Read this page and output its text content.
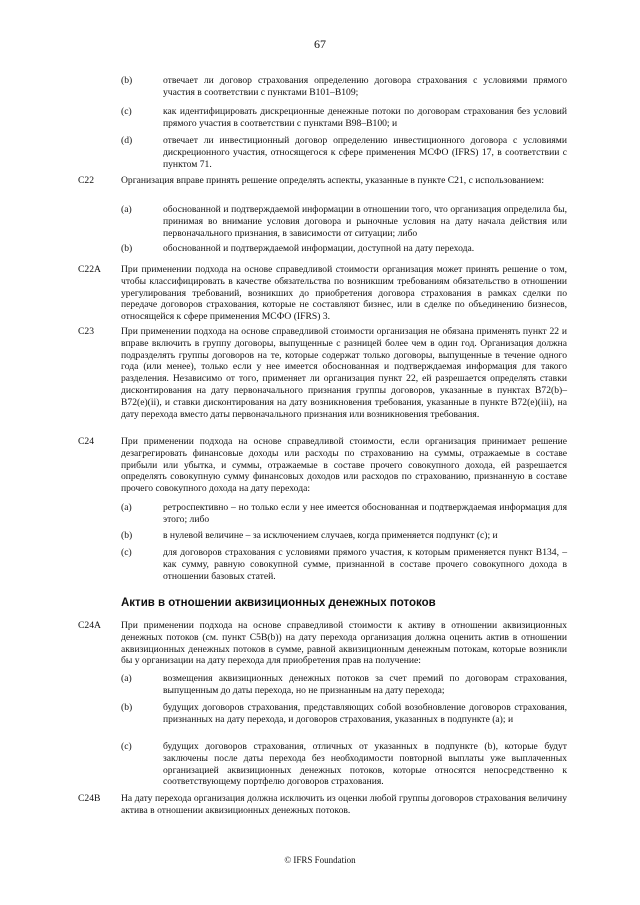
67
(b)	отвечает ли договор страхования определению договора страхования с условиями прямого участия в соответствии с пунктами B101–B109;
(c)	как идентифицировать дискреционные денежные потоки по договорам страхования без условий прямого участия в соответствии с пунктами B98–B100; и
(d)	отвечает ли инвестиционный договор определению инвестиционного договора с условиями дискреционного участия, относящегося к сфере применения МСФО (IFRS) 17, в соответствии с пунктом 71.
C22	Организация вправе принять решение определять аспекты, указанные в пункте C21, с использованием:
(a)	обоснованной и подтверждаемой информации в отношении того, что организация определила бы, принимая во внимание условия договора и рыночные условия на дату начала действия или первоначального признания, в зависимости от ситуации; либо
(b)	обоснованной и подтверждаемой информации, доступной на дату перехода.
C22A При применении подхода на основе справедливой стоимости организация может принять решение о том, чтобы классифицировать в качестве обязательства по возникшим требованиям обязательство в отношении урегулирования требований, возникших до приобретения договора страхования в рамках сделки по передаче договоров страхования, которые не составляют бизнес, или в сделке по объединению бизнесов, относящейся к сфере применения МСФО (IFRS) 3.
C23	При применении подхода на основе справедливой стоимости организация не обязана применять пункт 22 и вправе включить в группу договоры, выпущенные с разницей более чем в один год. Организация должна подразделять группы договоров на те, которые содержат только договоры, выпущенные в течение одного года (или менее), только если у нее имеется обоснованная и подтверждаемая информация для такого разделения. Независимо от того, применяет ли организация пункт 22, ей разрешается определять ставки дисконтирования на дату первоначального признания группы договоров, указанные в пунктах B72(b)–B72(e)(ii), и ставки дисконтирования на дату возникновения требования, указанные в пункте B72(e)(iii), на дату перехода вместо даты первоначального признания или возникновения требования.
C24	При применении подхода на основе справедливой стоимости, если организация принимает решение дезагрегировать финансовые доходы или расходы по страхованию на суммы, отражаемые в составе прибыли или убытка, и суммы, отражаемые в составе прочего совокупного дохода, ей разрешается определять совокупную сумму финансовых доходов или расходов по страхованию, признанную в составе прочего совокупного дохода на дату перехода:
(a)	ретроспективно – но только если у нее имеется обоснованная и подтверждаемая информация для этого; либо
(b)	в нулевой величине – за исключением случаев, когда применяется подпункт (c); и
(c)	для договоров страхования с условиями прямого участия, к которым применяется пункт B134, – как сумму, равную совокупной сумме, признанной в составе прочего совокупного дохода в отношении базовых статей.
Актив в отношении аквизиционных денежных потоков
C24A При применении подхода на основе справедливой стоимости к активу в отношении аквизиционных денежных потоков (см. пункт C5B(b)) на дату перехода организация должна оценить актив в отношении аквизиционных денежных потоков в сумме, равной аквизиционным денежным потокам, которые возникли бы у организации на дату перехода для приобретения прав на получение:
(a)	возмещения аквизиционных денежных потоков за счет премий по договорам страхования, выпущенным до даты перехода, но не признанным на дату перехода;
(b)	будущих договоров страхования, представляющих собой возобновление договоров страхования, признанных на дату перехода, и договоров страхования, указанных в подпункте (a); и
(c)	будущих договоров страхования, отличных от указанных в подпункте (b), которые будут заключены после даты перехода без необходимости повторной выплаты уже выплаченных организацией аквизиционных денежных потоков, которые относятся непосредственно к соответствующему портфелю договоров страхования.
C24B На дату перехода организация должна исключить из оценки любой группы договоров страхования величину актива в отношении аквизиционных денежных потоков.
© IFRS Foundation
